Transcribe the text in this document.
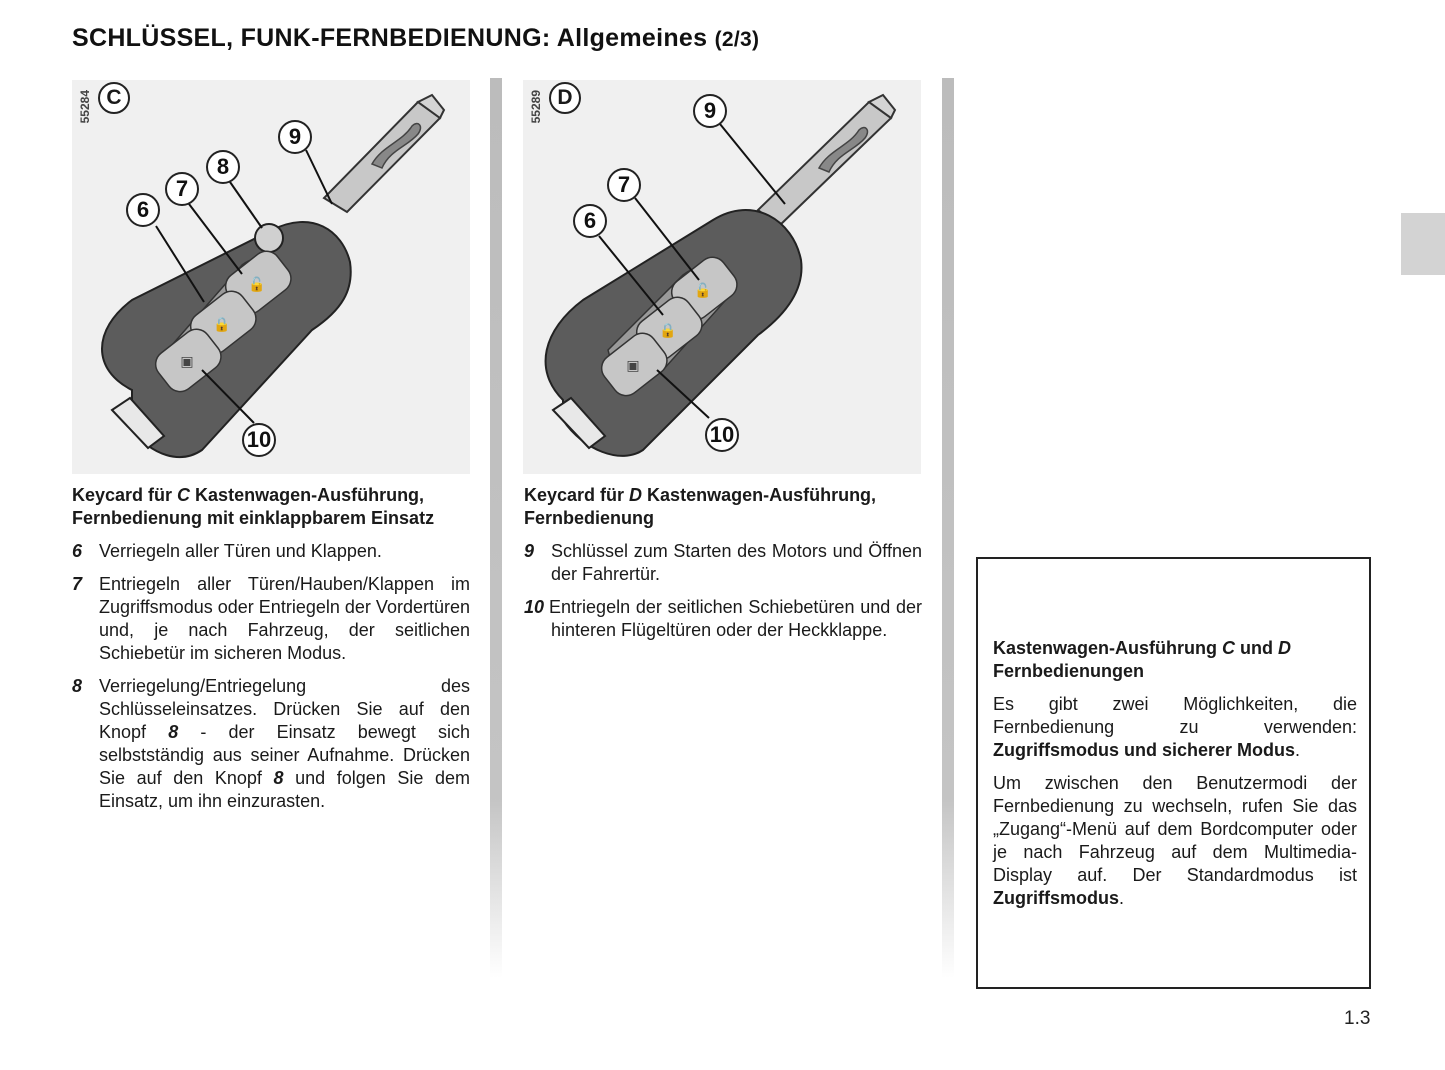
SCHLÜSSEL, FUNK-FERNBEDIENUNG: Allgemeines (2/3)
🔓
🔒
▣
55284 C
9
8
7
6
10
🔓
🔒
▣
55289 D
9
7
6
10
Keycard für C Kastenwagen-Ausführung, Fernbedienung mit einklappbarem Einsatz
6 Verriegeln aller Türen und Klappen.
7 Entriegeln aller Türen/Hauben/Klappen im Zugriffsmodus oder Entriegeln der Vordertüren und, je nach Fahrzeug, der seitlichen Schiebetür im sicheren Modus.
8 Verriegelung/Entriegelung des Schlüsseleinsatzes. Drücken Sie auf den Knopf 8 - der Einsatz bewegt sich selbstständig aus seiner Aufnahme. Drücken Sie auf den Knopf 8 und folgen Sie dem Einsatz, um ihn einzurasten.
Keycard für D Kastenwagen-Ausführung, Fernbedienung
9 Schlüssel zum Starten des Motors und Öffnen der Fahrertür.
10 Entriegeln der seitlichen Schiebetüren und der hinteren Flügeltüren oder der Heckklappe.
Kastenwagen-Ausführung C und D Fernbedienungen

Es gibt zwei Möglichkeiten, die Fernbedienung zu verwenden: Zugriffsmodus und sicherer Modus.

Um zwischen den Benutzermodi der Fernbedienung zu wechseln, rufen Sie das „Zugang“-Menü auf dem Bordcomputer oder je nach Fahrzeug auf dem Multimedia-Display auf. Der Standardmodus ist Zugriffsmodus.

1.3
